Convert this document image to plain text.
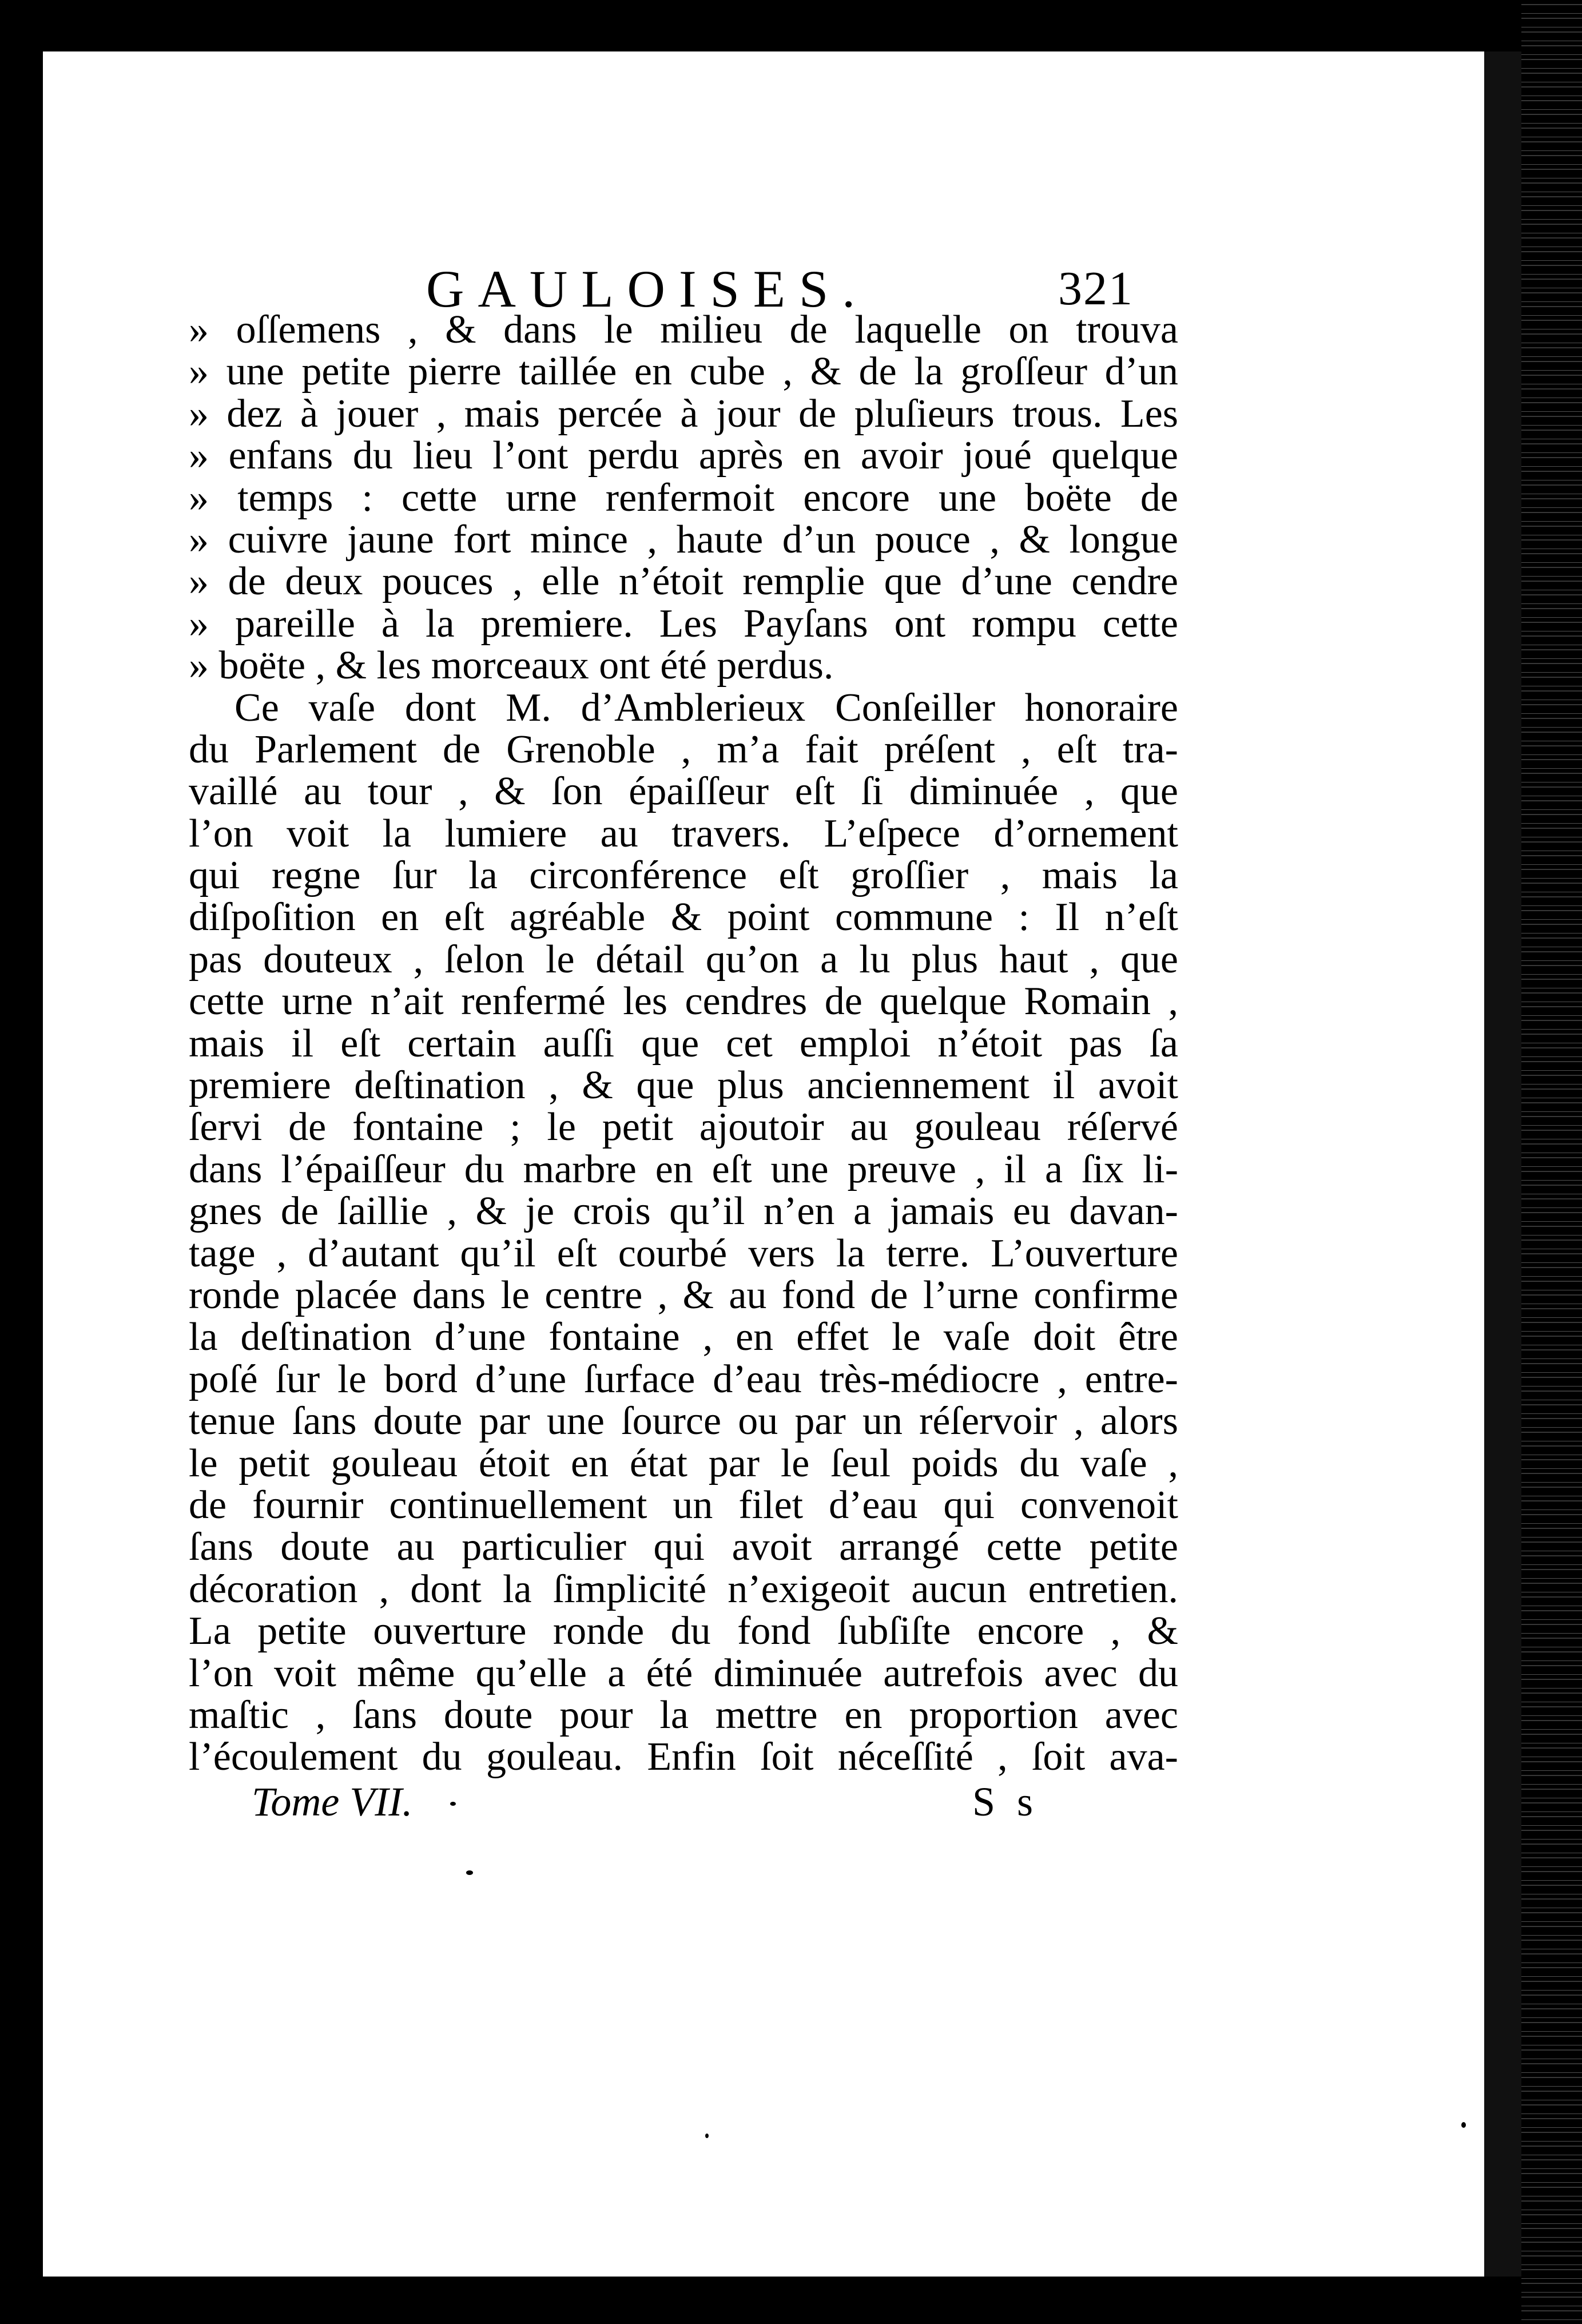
GAULOISES.	321
» oſſemens , & dans le milieu de laquelle on trouva
» une petite pierre taillée en cube , & de la groſſeur d’un
» dez à jouer , mais percée à jour de pluſieurs trous. Les
» enfans du lieu l’ont perdu après en avoir joué quelque
» temps : cette urne renfermoit encore une boëte de
» cuivre jaune fort mince , haute d’un pouce , & longue
» de deux pouces , elle n’étoit remplie que d’une cendre
» pareille à la premiere. Les Payſans ont rompu cette
» boëte , & les morceaux ont été perdus.
Ce vaſe dont M. d’Amblerieux Conſeiller honoraire
du Parlement de Grenoble , m’a fait préſent , eſt tra-
vaillé au tour , & ſon épaiſſeur eſt ſi diminuée , que
l’on voit la lumiere au travers. L’eſpece d’ornement
qui regne ſur la circonférence eſt groſſier , mais la
diſpoſition en eſt agréable & point commune : Il n’eſt
pas douteux , ſelon le détail qu’on a lu plus haut , que
cette urne n’ait renfermé les cendres de quelque Romain ,
mais il eſt certain auſſi que cet emploi n’étoit pas ſa
premiere deſtination , & que plus anciennement il avoit
ſervi de fontaine ; le petit ajoutoir au gouleau réſervé
dans l’épaiſſeur du marbre en eſt une preuve , il a ſix li-
gnes de ſaillie , & je crois qu’il n’en a jamais eu davan-
tage , d’autant qu’il eſt courbé vers la terre. L’ouverture
ronde placée dans le centre , & au fond de l’urne confirme
la deſtination d’une fontaine , en effet le vaſe doit être
poſé ſur le bord d’une ſurface d’eau très-médiocre , entre-
tenue ſans doute par une ſource ou par un réſervoir , alors
le petit gouleau étoit en état par le ſeul poids du vaſe ,
de fournir continuellement un filet d’eau qui convenoit
ſans doute au particulier qui avoit arrangé cette petite
décoration , dont la ſimplicité n’exigeoit aucun entretien.
La petite ouverture ronde du fond ſubſiſte encore , &
l’on voit même qu’elle a été diminuée autrefois avec du
maſtic , ſans doute pour la mettre en proportion avec
l’écoulement du gouleau. Enfin ſoit néceſſité , ſoit ava-
Tome VII.	S s
